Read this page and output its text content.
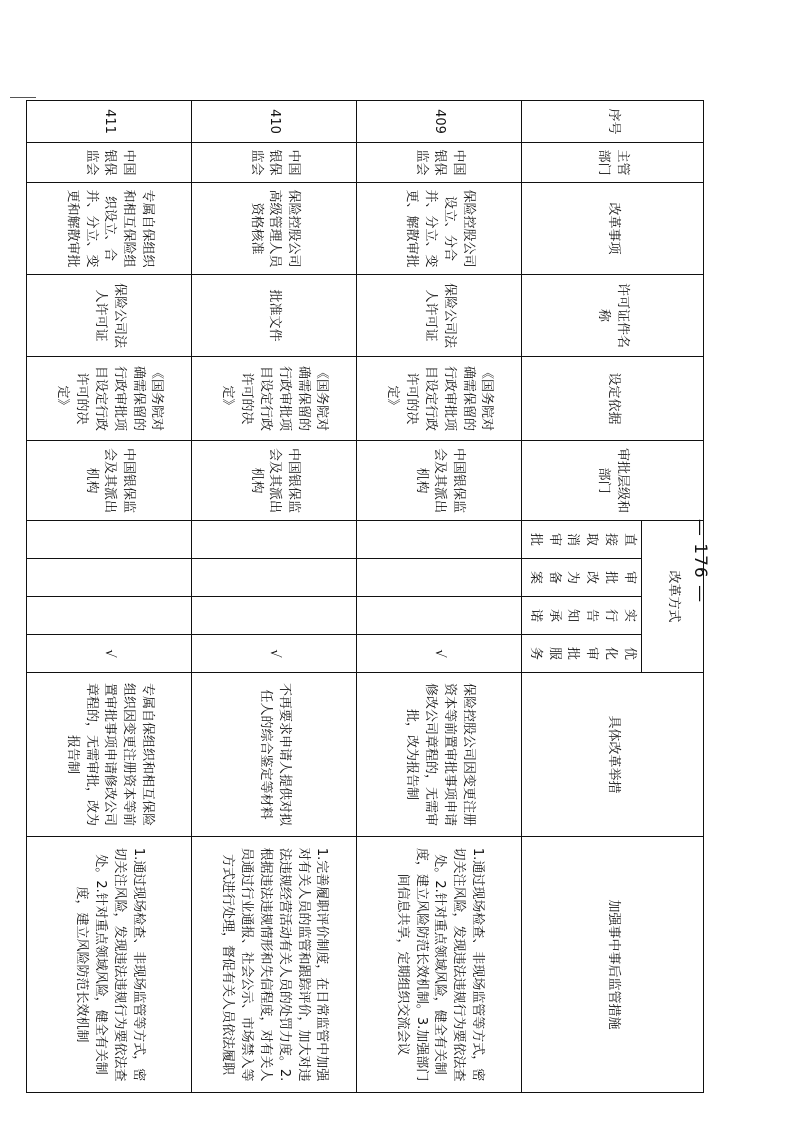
序号	主管部门	改革事项	许可证件名称	设定依据	审批层级和部门	改革方式				具体改革举措	加强事中事后监管措施
						直接取消审批	审批改为备案	实行告知承诺	优化审批服务		
409	中国银保监会	保险控股公司设立、分合并、分立、变更、解散审批	保险公司法人许可证	《国务院对确需保留的行政审批项目设定行政许可的决定》	中国银保监会及其派出机构				√	保险控股公司因变更注册资本等前置审批事项申请修改公司章程的，无需审批，改为报告制	1.通过现场检查、非现场监管等方式，密切关注风险，发现违法违规行为要依法查处。2.针对重点领域风险，健全有关制度，建立风险防范长效机制。3.加强部门间信息共享，定期组织交流会议
410	中国银保监会	保险控股公司高级管理人员资格核准	批准文件	《国务院对确需保留的行政审批项目设定行政许可的决定》	中国银保监会及其派出机构				√	不再要求申请人提供对拟任人的综合鉴定等材料	1.完善履职评价制度，在日常监管中加强对有关人员的监管和跟踪评价，加大对违法违规经营活动有关人员的处罚力度。2.根据违法违规情形和失信程度，对有关人员通过行业通报、社会公示、市场禁入等方式进行处理，督促有关人员依法履职
411	中国银保监会	专属自保组织和相互保险组织设立、合并、分立、变更和解散审批	保险公司法人许可证	《国务院对确需保留的行政审批项目设定行政许可的决定》	中国银保监会及其派出机构				√	专属自保组织和相互保险组织因变更注册资本等前置审批事项申请修改公司章程的，无需审批，改为报告制	1.通过现场检查、非现场监管等方式，密切关注风险，发现违法违规行为要依法查处。2.针对重点领域风险，健全有关制度，建立风险防范长效机制
— 176 —
